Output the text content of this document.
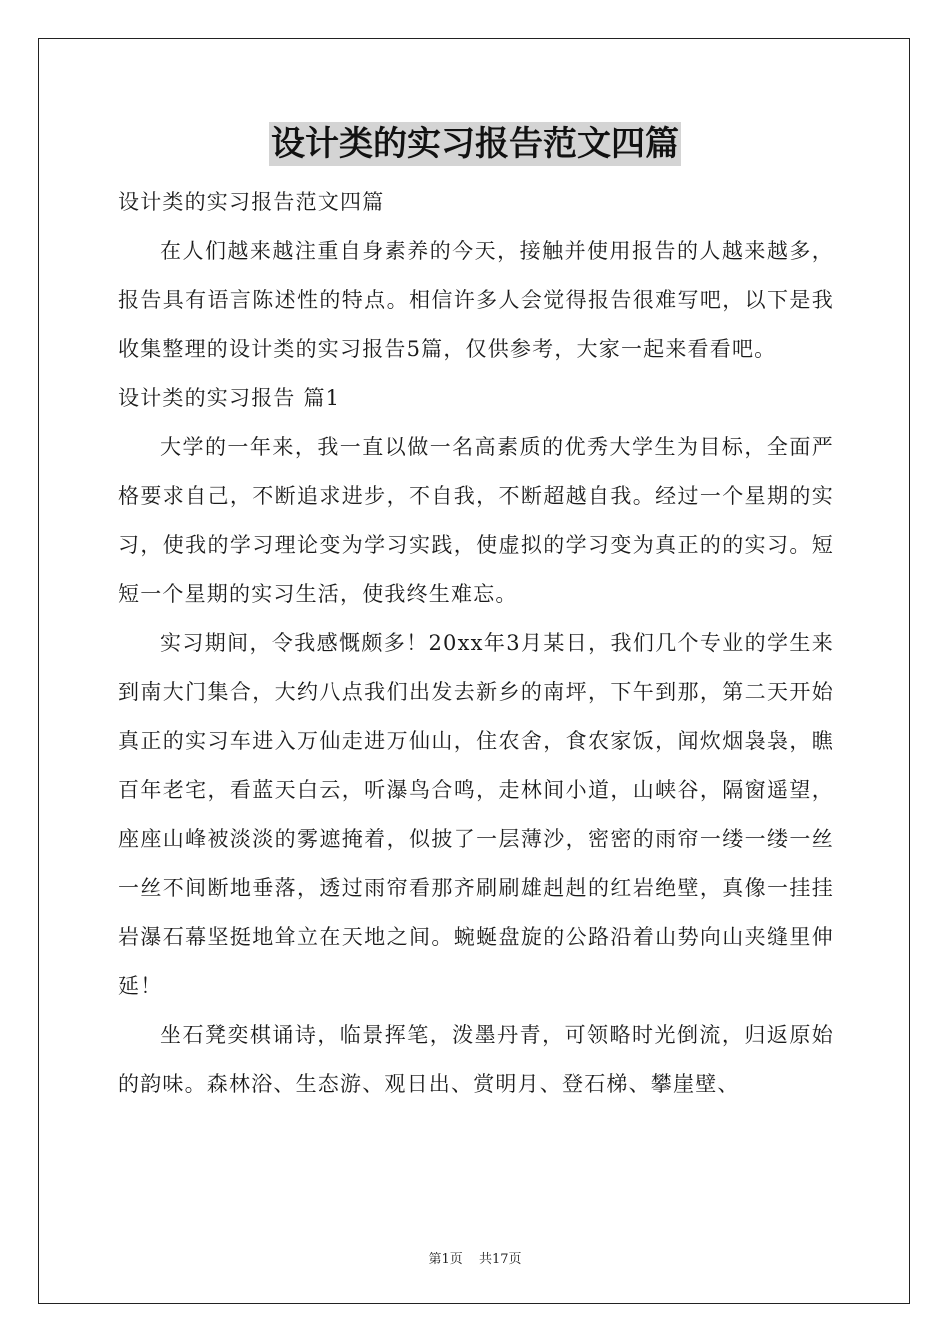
设计类的实习报告范文四篇

设计类的实习报告范文四篇

在人们越来越注重自身素养的今天，接触并使用报告的人越来越多，报告具有语言陈述性的特点。相信许多人会觉得报告很难写吧，以下是我收集整理的设计类的实习报告5篇，仅供参考，大家一起来看看吧。

设计类的实习报告 篇1

大学的一年来，我一直以做一名高素质的优秀大学生为目标，全面严格要求自己，不断追求进步，不自我，不断超越自我。经过一个星期的实习，使我的学习理论变为学习实践，使虚拟的学习变为真正的的实习。短短一个星期的实习生活，使我终生难忘。

实习期间，令我感慨颇多！20xx年3月某日，我们几个专业的学生来到南大门集合，大约八点我们出发去新乡的南坪，下午到那，第二天开始真正的实习车进入万仙走进万仙山，住农舍，食农家饭，闻炊烟袅袅，瞧百年老宅，看蓝天白云，听瀑鸟合鸣，走林间小道，山峡谷，隔窗遥望，座座山峰被淡淡的雾遮掩着，似披了一层薄沙，密密的雨帘一缕一缕一丝一丝不间断地垂落，透过雨帘看那齐刷刷雄赳赳的红岩绝壁，真像一挂挂岩瀑石幕坚挺地耸立在天地之间。蜿蜒盘旋的公路沿着山势向山夹缝里伸延！

坐石凳奕棋诵诗，临景挥笔，泼墨丹青，可领略时光倒流，归返原始的韵味。森林浴、生态游、观日出、赏明月、登石梯、攀崖壁、

第1页 共17页
